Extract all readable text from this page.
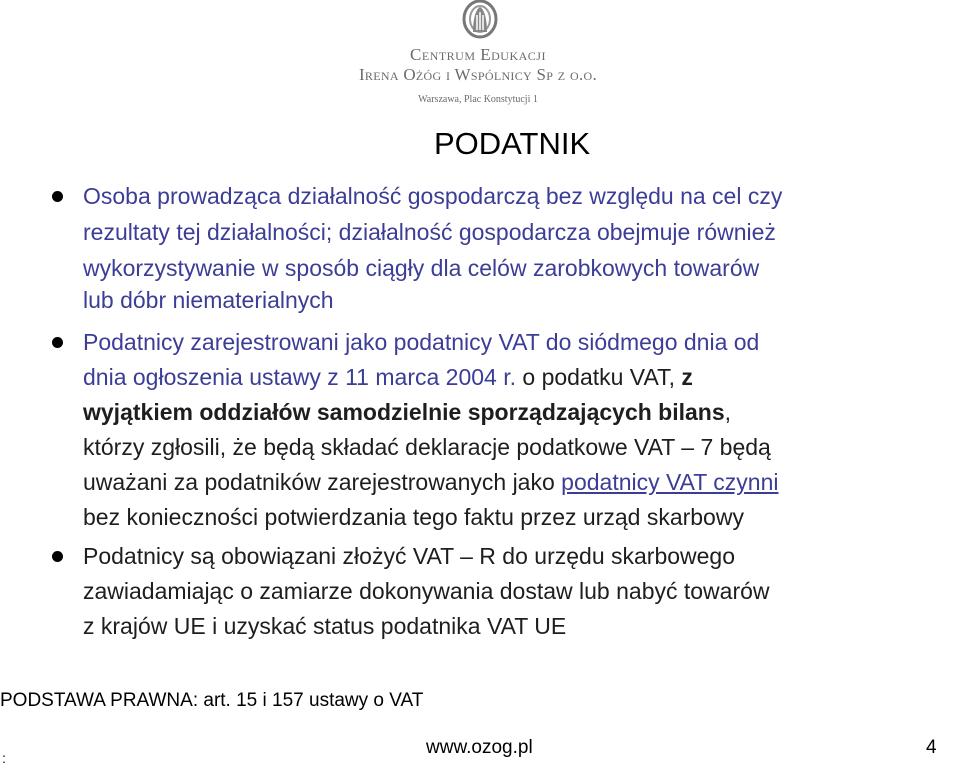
Centrum Edukacji
Irena Ożóg i Wspólnicy Sp z o.o.
Warszawa, Plac Konstytucji 1
PODATNIK
Osoba prowadząca działalność gospodarczą bez względu na cel czy
rezultaty tej działalności; działalność gospodarcza obejmuje również
wykorzystywanie w sposób ciągły dla celów zarobkowych towarów
lub dóbr niematerialnych
Podatnicy zarejestrowani jako podatnicy VAT do siódmego dnia od
dnia ogłoszenia ustawy z 11 marca 2004 r. o podatku VAT, z
wyjątkiem oddziałów samodzielnie sporządzających bilans,
którzy zgłosili, że będą składać deklaracje podatkowe VAT – 7 będą
uważani za podatników zarejestrowanych jako podatnicy VAT czynni
bez konieczności potwierdzania tego faktu przez urząd skarbowy
Podatnicy są obowiązani złożyć VAT – R do urzędu skarbowego
zawiadamiając o zamiarze dokonywania dostaw lub nabyć towarów
z krajów UE i uzyskać status podatnika VAT UE
PODSTAWA PRAWNA: art. 15 i 157 ustawy o VAT
:	www.ozog.pl	4
